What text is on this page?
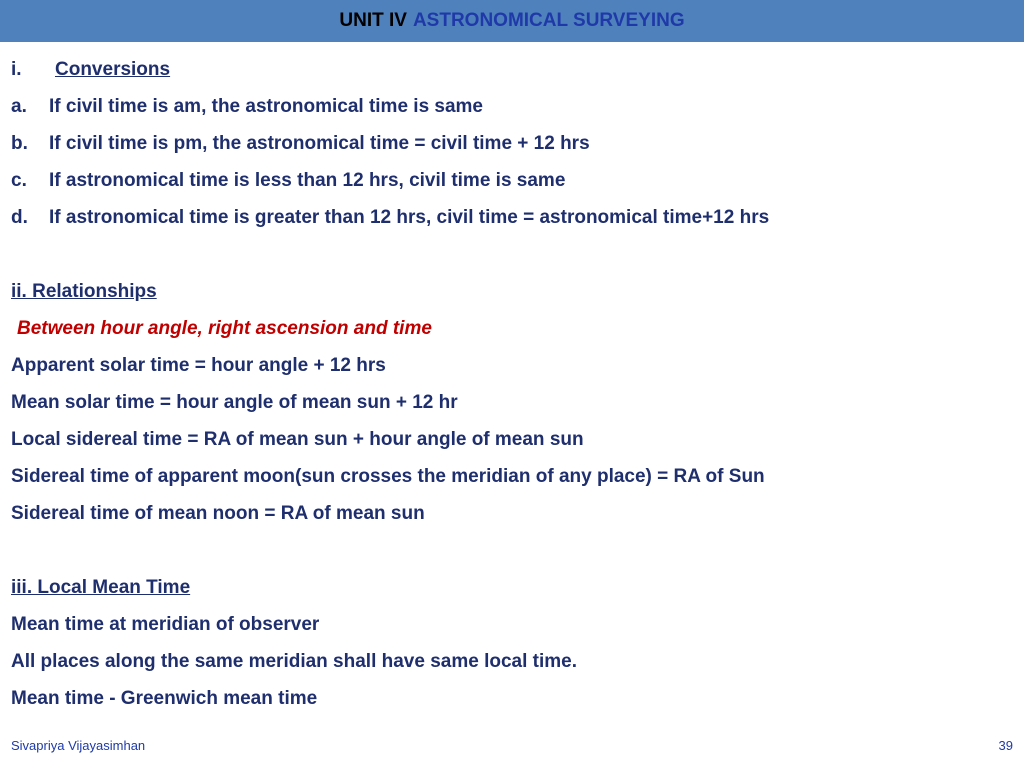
UNIT IV ASTRONOMICAL SURVEYING
i. Conversions
a. If civil time is am, the astronomical time is same
b. If civil time is pm, the astronomical time = civil time + 12 hrs
c. If astronomical time is less than 12 hrs, civil time is same
d. If astronomical time is greater than 12 hrs, civil time = astronomical time+12 hrs
ii. Relationships
Between hour angle, right ascension and time
Apparent solar time = hour angle + 12 hrs
Mean solar time = hour angle of mean sun + 12 hr
Local sidereal time = RA of mean sun + hour angle of mean sun
Sidereal time of apparent moon(sun crosses the meridian of any place) = RA of Sun
Sidereal time of mean noon = RA of mean sun
iii. Local Mean Time
Mean time at meridian of observer
All places along the same meridian shall have same local time.
Mean time - Greenwich mean time
Sivapriya Vijayasimhan	39
